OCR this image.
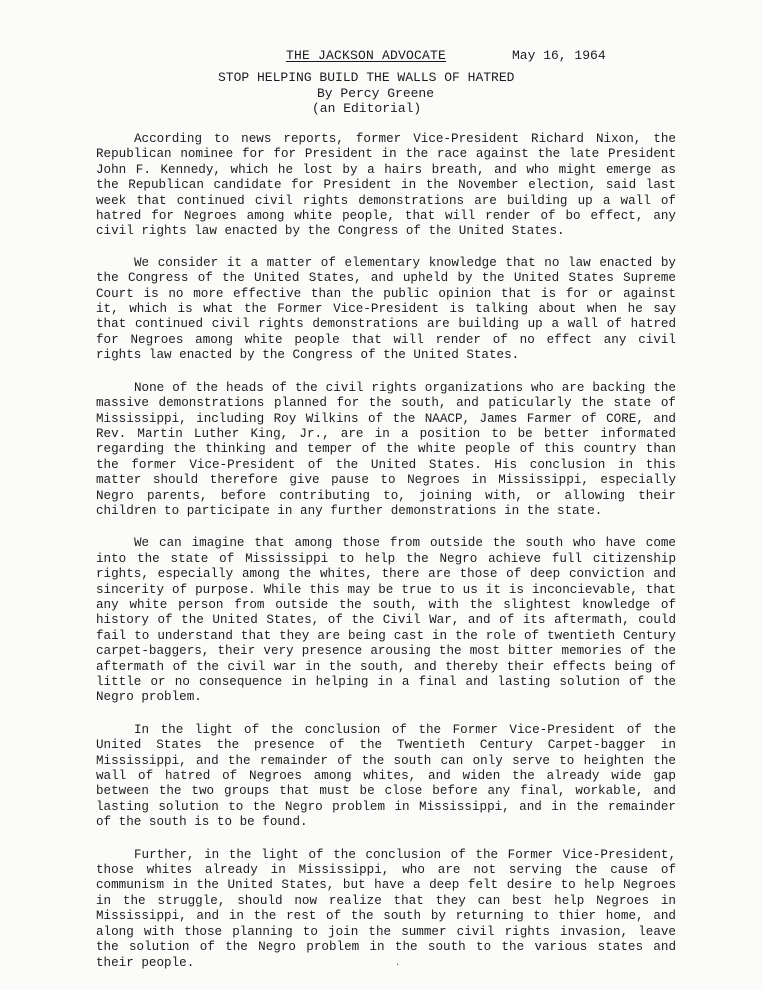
THE JACKSON ADVOCATE	May 16, 1964
STOP HELPING BUILD THE WALLS OF HATRED
By Percy Greene
(an Editorial)

According to news reports, former Vice-President Richard Nixon, the Republican nominee for for President in the race against the late President John F. Kennedy, which he lost by a hairs breath, and who might emerge as the Republican candidate for President in the November election, said last week that continued civil rights demonstrations are building up a wall of hatred for Negroes among white people, that will render of bo effect, any civil rights law enacted by the Congress of the United States.

We consider it a matter of elementary knowledge that no law enacted by the Congress of the United States, and upheld by the United States Supreme Court is no more effective than the public opinion that is for or against it, which is what the Former Vice-President is talking about when he say that continued civil rights demonstrations are building up a wall of hatred for Negroes among white people that will render of no effect any civil rights law enacted by the Congress of the United States.

None of the heads of the civil rights organizations who are backing the massive demonstrations planned for the south, and paticularly the state of Mississippi, including Roy Wilkins of the NAACP, James Farmer of CORE, and Rev. Martin Luther King, Jr., are in a position to be better informated regarding the thinking and temper of the white people of this country than the former Vice-President of the United States. His conclusion in this matter should therefore give pause to Negroes in Mississippi, especially Negro parents, before contributing to, joining with, or allowing their children to participate in any further demonstrations in the state.

We can imagine that among those from outside the south who have come into the state of Mississippi to help the Negro achieve full citizenship rights, especially among the whites, there are those of deep conviction and sincerity of purpose. While this may be true to us it is inconcievable, that any white person from outside the south, with the slightest knowledge of history of the United States, of the Civil War, and of its aftermath, could fail to understand that they are being cast in the role of twentieth Century carpet-baggers, their very presence arousing the most bitter memories of the aftermath of the civil war in the south, and thereby their effects being of little or no consequence in helping in a final and lasting solution of the Negro problem.

In the light of the conclusion of the Former Vice-President of the United States the presence of the Twentieth Century Carpet-bagger in Mississippi, and the remainder of the south can only serve to heighten the wall of hatred of Negroes among whites, and widen the already wide gap between the two groups that must be close before any final, workable, and lasting solution to the Negro problem in Mississippi, and in the remainder of the south is to be found.

Further, in the light of the conclusion of the Former Vice-President, those whites already in Mississippi, who are not serving the cause of communism in the United States, but have a deep felt desire to help Negroes in the struggle, should now realize that they can best help Negroes in Mississippi, and in the rest of the south by returning to thier home, and along with those planning to join the summer civil rights invasion, leave the solution of the Negro problem in the south to the various states and their people.	‧
